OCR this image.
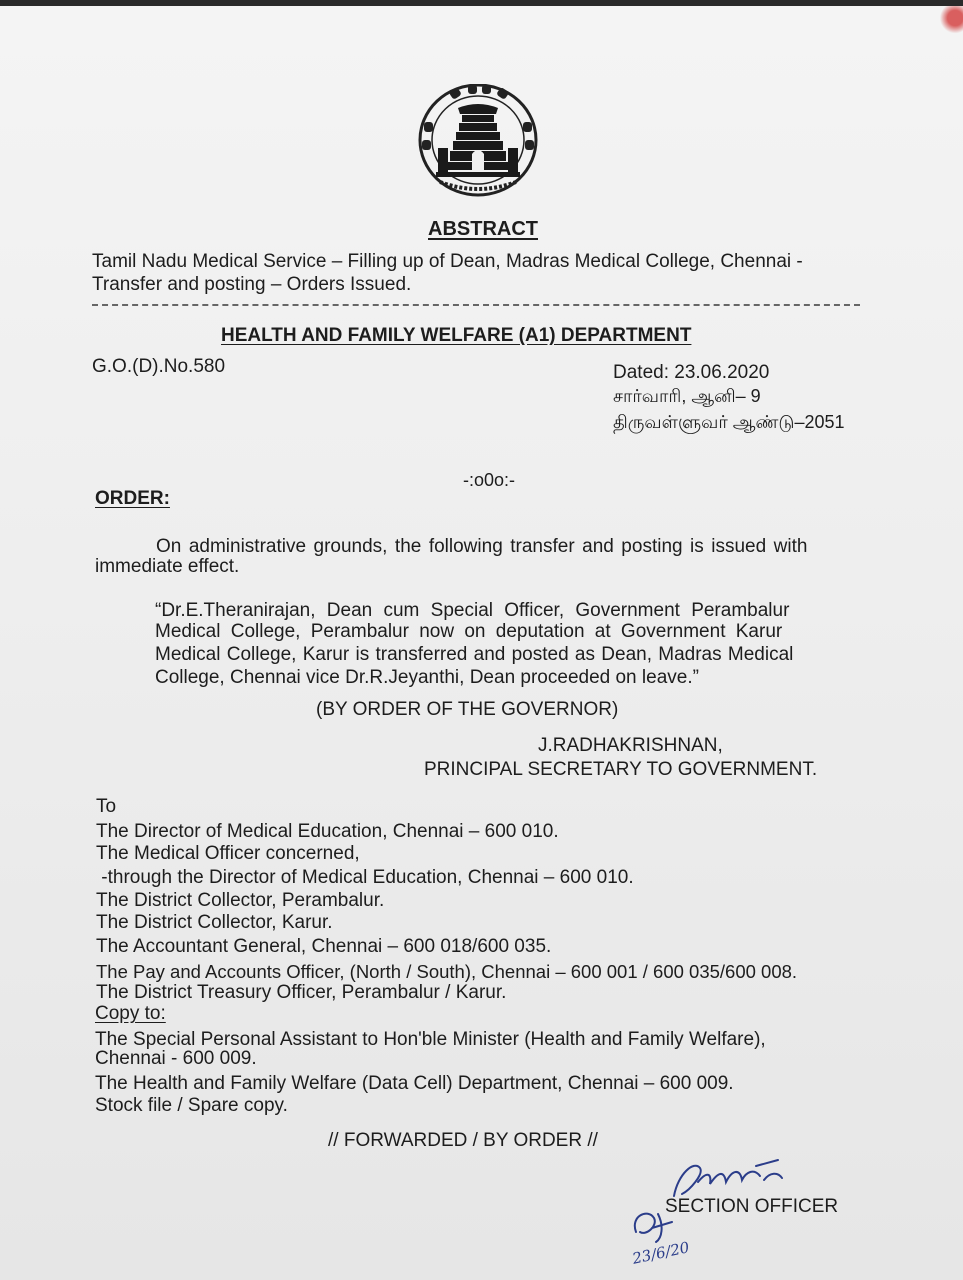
ABSTRACT
Tamil Nadu Medical Service – Filling up of Dean, Madras Medical College, Chennai -
Transfer and posting – Orders Issued.
HEALTH AND FAMILY WELFARE (A1) DEPARTMENT
G.O.(D).No.580	Dated: 23.06.2020
சார்வாரி, ஆனி– 9
திருவள்ளுவர் ஆண்டு–2051
-:o0o:-
ORDER:
On administrative grounds, the following transfer and posting is issued with
immediate effect.
“Dr.E.Theranirajan, Dean cum Special Officer, Government Perambalur
Medical College, Perambalur now on deputation at Government Karur
Medical College, Karur is transferred and posted as Dean, Madras Medical
College, Chennai vice Dr.R.Jeyanthi, Dean proceeded on leave.”
(BY ORDER OF THE GOVERNOR)
J.RADHAKRISHNAN,
PRINCIPAL SECRETARY TO GOVERNMENT.
To
The Director of Medical Education, Chennai – 600 010.
The Medical Officer concerned,
-through the Director of Medical Education, Chennai – 600 010.
The District Collector, Perambalur.
The District Collector, Karur.
The Accountant General, Chennai – 600 018/600 035.
The Pay and Accounts Officer, (North / South), Chennai – 600 001 / 600 035/600 008.
The District Treasury Officer, Perambalur / Karur.
Copy to:
The Special Personal Assistant to Hon'ble Minister (Health and Family Welfare),
Chennai - 600 009.
The Health and Family Welfare (Data Cell) Department, Chennai – 600 009.
Stock file / Spare copy.
// FORWARDED / BY ORDER //
SECTION OFFICER
23/6/20
